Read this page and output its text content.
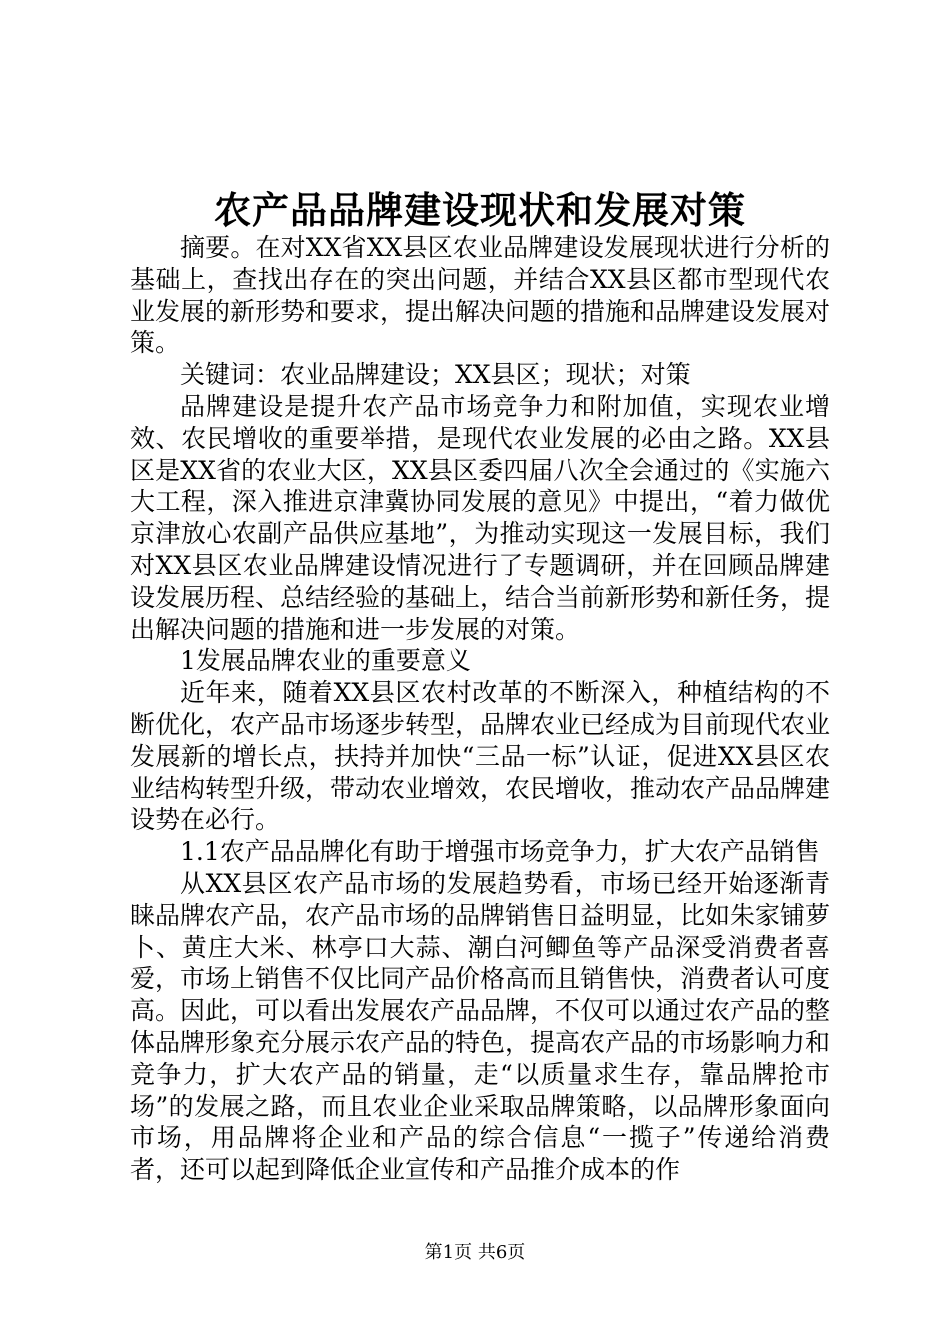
农产品品牌建设现状和发展对策

摘要。在对XX省XX县区农业品牌建设发展现状进行分析的基础上，查找出存在的突出问题，并结合XX县区都市型现代农业发展的新形势和要求，提出解决问题的措施和品牌建设发展对策。

关键词：农业品牌建设；XX县区；现状；对策

品牌建设是提升农产品市场竞争力和附加值，实现农业增效、农民增收的重要举措，是现代农业发展的必由之路。XX县区是XX省的农业大区，XX县区委四届八次全会通过的《实施六大工程，深入推进京津冀协同发展的意见》中提出，“着力做优京津放心农副产品供应基地”，为推动实现这一发展目标，我们对XX县区农业品牌建设情况进行了专题调研，并在回顾品牌建设发展历程、总结经验的基础上，结合当前新形势和新任务，提出解决问题的措施和进一步发展的对策。

1发展品牌农业的重要意义

近年来，随着XX县区农村改革的不断深入，种植结构的不断优化，农产品市场逐步转型，品牌农业已经成为目前现代农业发展新的增长点，扶持并加快“三品一标”认证，促进XX县区农业结构转型升级，带动农业增效，农民增收，推动农产品品牌建设势在必行。

1.1农产品品牌化有助于增强市场竞争力，扩大农产品销售

从XX县区农产品市场的发展趋势看，市场已经开始逐渐青睐品牌农产品，农产品市场的品牌销售日益明显，比如朱家铺萝卜、黄庄大米、林亭口大蒜、潮白河鲫鱼等产品深受消费者喜爱，市场上销售不仅比同产品价格高而且销售快，消费者认可度高。因此，可以看出发展农产品品牌，不仅可以通过农产品的整体品牌形象充分展示农产品的特色，提高农产品的市场影响力和竞争力，扩大农产品的销量，走“以质量求生存，靠品牌抢市场”的发展之路，而且农业企业采取品牌策略，以品牌形象面向市场，用品牌将企业和产品的综合信息“一揽子”传递给消费者，还可以起到降低企业宣传和产品推介成本的作

第1页 共6页
